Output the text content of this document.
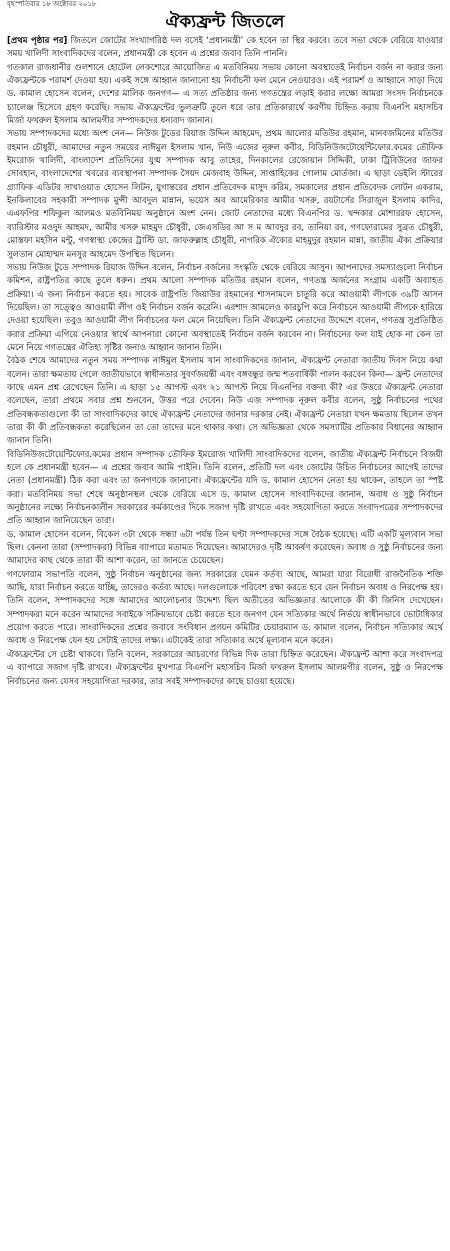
বৃহস্পতিবার ১৮ অক্টোবর ২০১৮
ঐক্যফ্রন্ট জিতলে

[প্রথম পৃষ্ঠার পর] জিতলে জোটের সংখ্যাগরিষ্ঠ দল বসেই ‘প্রধানমন্ত্রী’ কে হবেন তা স্থির করবে। তবে সভা থেকে বেরিয়ে যাওয়ার সময় খালিদী সাংবাদিকদের বলেন, প্রধানমন্ত্রী কে হবেন এ প্রশ্নের জবাব তিনি পাননি।

গতকাল রাজধানীর গুলশানে হোটেল লেকশোরে আয়োজিত এ মতবিনিময় সভায় কোনো অবস্থাতেই নির্বাচন বর্জন না করার জন্য ঐক্যফ্রন্টকে পরামর্শ দেওয়া হয়। একই সঙ্গে আহ্বান জানানো হয় নির্বাচনী ফল মেনে নেওয়ারও। এই পরামর্শ ও আহ্বানে সাড়া দিয়ে ড. কামাল হোসেন বলেন, দেশের মালিক জনগণ— এ সত্য প্রতিষ্ঠার জন্য গণতন্ত্রের লড়াই করার লক্ষ্যে আমরা সংসদ নির্বাচনকে চ্যালেঞ্জ হিসেবে গ্রহণ করেছি। সভায় ঐক্যফ্রন্টের ভুলত্রুটি তুলে ধরে তার প্রতিকারার্থে করণীয় চিহ্নিত করায় বিএনপি মহাসচিব মির্জা ফখরুল ইসলাম আলমগীর সম্পাদকদের ধন্যবাদ জানান।

সভায় সম্পাদকদের মধ্যে অংশ নেন— নিউজ টুডের রিয়াজ উদ্দিন আহমেদ, প্রথম আলোর মতিউর রহমান, মানবজমিনের মতিউর রহমান চৌধুরী, আমাদের নতুন সময়ের নাঈমুল ইসলাম খান, নিউ এজের নূরুল কবীর, বিডিনিউজটোয়েন্টিফোর.কমের তৌফিক ইমরোজ খালিদী, বাংলাদেশ প্রতিদিনের যুগ্ম সম্পাদক আবু তাহের, দিনকালের রেজোয়ান সিদ্দিকী, ঢাকা ট্রিবিউনের জাফর সোবহান, বাংলাদেশের খবরের ব্যবস্থাপনা সম্পাদক সৈয়দ মেজবাহ উদ্দিন, সাপ্তাহিকের গোলাম মোর্তজা। এ ছাড়া ডেইলি স্টারের গ্র্যাফিক এডিটর সাখাওয়াত হোসেন লিটন, যুগান্তরের প্রধান প্রতিবেদক মাসুদ করিম, সমকালের প্রধান প্রতিবেদক লোটন একরাম, ইনকিলাবের সহকারী সম্পাদক মুন্সী আবদুল মান্নান, ভয়েস অব আমেরিকার আমীর খসরু, রয়টার্সের সিরাজুল ইসলাম কাদির, এএফপির শফিকুল আলমও মতবিনিময় অনুষ্ঠানে অংশ নেন। জোট নেতাদের মধ্যে বিএনপির ড. খন্দকার মোশাররফ হোসেন, ব্যারিস্টার মওদুদ আহমদ, আমীর খসরু মাহমুদ চৌধুরী, জেএসডির আ স ম আবদুর রব, তানিয়া রব, গণফোরামের সুব্রত চৌধুরী, মোস্তফা মহসিন মন্টু, গণস্বাস্থ্য কেন্দ্রের ট্রাস্টি ডা. জাফরুল্লাহ চৌধুরী, নাগরিক ঐক্যের মাহমুদুর রহমান মান্না, জাতীয় ঐক্য প্রক্রিয়ার সুলতান মোহাম্মদ মনসুর আহমেদ উপস্থিত ছিলেন।

সভায় নিউজ টুডে সম্পাদক রিয়াজ উদ্দিন বলেন, নির্বাচন বর্জনের সংস্কৃতি থেকে বেরিয়ে আসুন। আপনাদের সমস্যাগুলো নির্বাচন কমিশন, রাষ্ট্রপতির কাছে তুলে ধরুন। প্রথম আলো সম্পাদক মতিউর রহমান বলেন, গণতন্ত্র অর্জনের সংগ্রাম একটি অব্যাহত প্রক্রিয়া। এ জন্য নির্বাচন করতে হয়। সাবেক রাষ্ট্রপতি জিয়াউর রহমানের শাসনামলে চাতুরি করে আওয়ামী লীগকে ৩৯টি আসন দিয়েছিল। তা সত্ত্বেও আওয়ামী লীগ ওই নির্বাচন বর্জন করেনি। এরশাদ আমলেও কারচুপি করে নির্বাচনে আওয়ামী লীগকে হারিয়ে দেওয়া হয়েছিল। তবুও আওয়ামী লীগ নির্বাচনের ফল মেনে নিয়েছিল। তিনি ঐক্যফ্রন্ট নেতাদের উদ্দেশে বলেন, গণতন্ত্র সুপ্রতিষ্ঠিত করার প্রক্রিয়া এগিয়ে নেওয়ার স্বার্থে আপনারা কোনো অবস্থাতেই নির্বাচন বর্জন করবেন না। নির্বাচনের ফল যাই হোক না কেন তা মেনে নিয়ে গণতন্ত্রের ঐতিহ্য সৃষ্টির জন্যও আহ্বান জানান তিনি।

বৈঠক শেষে আমাদের নতুন সময় সম্পাদক নাঈমুল ইসলাম খান সাংবাদিকদের জানান, ঐক্যফ্রন্ট নেতারা জাতীয় দিবস নিয়ে কথা বলেন। তারা ক্ষমতায় গেলে জাতীয়ভাবে স্বাধীনতার সুবর্ণজয়ন্তী এবং বঙ্গবন্ধুর জন্ম শতবার্ষিকী পালন করবেন কিনা— ফ্রন্ট নেতাদের কাছে এমন প্রশ্ন রেখেছেন তিনি। এ ছাড়া ১৫ আগস্ট এবং ২১ আগস্ট নিয়ে বিএনপির বক্তব্য কী? এর উত্তরে ঐক্যফ্রন্ট নেতারা বলেছেন, তারা প্রথমে সবার প্রশ্ন শুনবেন, উত্তর পরে দেবেন। নিউ এজ সম্পাদক নূরুল কবীর বলেন, সুষ্ঠু নির্বাচনের পথের প্রতিবন্ধকতাগুলো কী তা সাংবাদিকদের কাছে ঐক্যফ্রন্ট নেতাদের জানার দরকার নেই। ঐক্যফ্রন্ট নেতারা যখন ক্ষমতায় ছিলেন তখন তারা কী কী প্রতিবন্ধকতা করেছিলেন তা তো তাদের মনে থাকার কথা। সে অভিজ্ঞতা থেকে সমস্যাটির প্রতিকার বিধানের আহ্বান জানান তিনি।

বিডিনিউজটোয়েন্টিফোর.কমের প্রধান সম্পাদক তৌফিক ইমরোজ খালিদী সাংবাদিকদের বলেন, জাতীয় ঐক্যফ্রন্ট নির্বাচনে বিজয়ী হলে কে প্রধানমন্ত্রী হবেন— এ প্রশ্নের জবাব আমি পাইনি। তিনি বলেন, প্রতিটি দল এবং জোটের উচিত নির্বাচনের আগেই তাদের নেতা (প্রধানমন্ত্রী) ঠিক করা এবং তা জনগণকে জানানো। ঐক্যফ্রন্টের যদি ড. কামাল হোসেন নেতা হয় থাকেন, তাহলে তা স্পষ্ট করা। মতবিনিময় সভা শেষে অনুষ্ঠানস্থল থেকে বেরিয়ে এসে ড. কামাল হোসেন সাংবাদিকদের জানান, অবাধ ও সুষ্ঠু নির্বাচন অনুষ্ঠানের লক্ষ্যে নির্বাচনকালীন সরকারের কর্মকাণ্ডের দিকে সজাগ দৃষ্টি রাখতে এবং সহযোগিতা করতে সংবাদপত্রের সম্পাদকদের প্রতি আহ্বান জানিয়েছেন তারা।

ড. কামাল হোসেন বলেন, বিকেল ৩টা থেকে সন্ধ্যা ৬টা পর্যন্ত তিন ঘণ্টা সম্পাদকদের সঙ্গে বৈঠক হয়েছে। এটি একটি মূল্যবান সভা ছিল। কেননা তারা (সম্পাদকরা) বিভিন্ন ব্যাপারে মতামত দিয়েছেন। আমাদেরও দৃষ্টি আকর্ষণ করেছেন। অবাধ ও সুষ্ঠু নির্বাচনের জন্য আমাদের কাছ থেকে তারা কী আশা করেন, তা জানতে চেয়েছেন।

গণফোরাম সভাপতি বলেন, সুষ্ঠু নির্বাচন অনুষ্ঠানের জন্য সরকারের যেমন কর্তব্য আছে, আমরা যারা বিরোধী রাজনৈতিক শক্তি আছি, যারা নির্বাচন করতে যাচ্ছি, তাদেরও কর্তব্য আছে। দলগুলোকে পরিবেশ রক্ষা করতে হবে যেন নির্বাচন অবাধ ও নিরপেক্ষ হয়। তিনি বলেন, সম্পাদকদের সঙ্গে আমাদের আলোচনার উদ্দেশ্য ছিল অতীতের অভিজ্ঞতার আলোকে কী কী জিনিস দেখেছেন। সম্পাদকরা মনে করেন আমাদের সবাইকে সক্রিয়ভাবে চেষ্টা করতে হবে জনগণ যেন সত্যিকার অর্থে নির্ভয়ে স্বাধীনভাবে ভোটাধিকার প্রয়োগ করতে পারে। সাংবাদিকদের প্রশ্নের জবাবে সংবিধান প্রণয়ন কমিটির চেয়ারম্যান ড. কামাল বলেন, নির্বাচন সত্যিকার অর্থে অবাধ ও নিরপেক্ষ যেন হয় সেটাই তাদের লক্ষ্য। এটাকেই তারা সত্যিকার অর্থে মূল্যবান মনে করেন।

ঐক্যফ্রন্টের সে চেষ্টা থাকবে। তিনি বলেন, সরকারের আচরণের বিভিন্ন দিক তারা চিহ্নিত করেছেন। ঐক্যফ্রন্ট আশা করে সংবাদপত্র এ ব্যাপারে সজাগ দৃষ্টি রাখবে। ঐক্যফ্রন্টের মুখপাত্র বিএনপি মহাসচিব মির্জা ফখরুল ইসলাম আলমগীর বলেন, সুষ্ঠু ও নিরপেক্ষ নির্বাচনের জন্য যেসব সহযোগিতা দরকার, তার সবই সম্পাদকদের কাছে চাওয়া হয়েছে।
